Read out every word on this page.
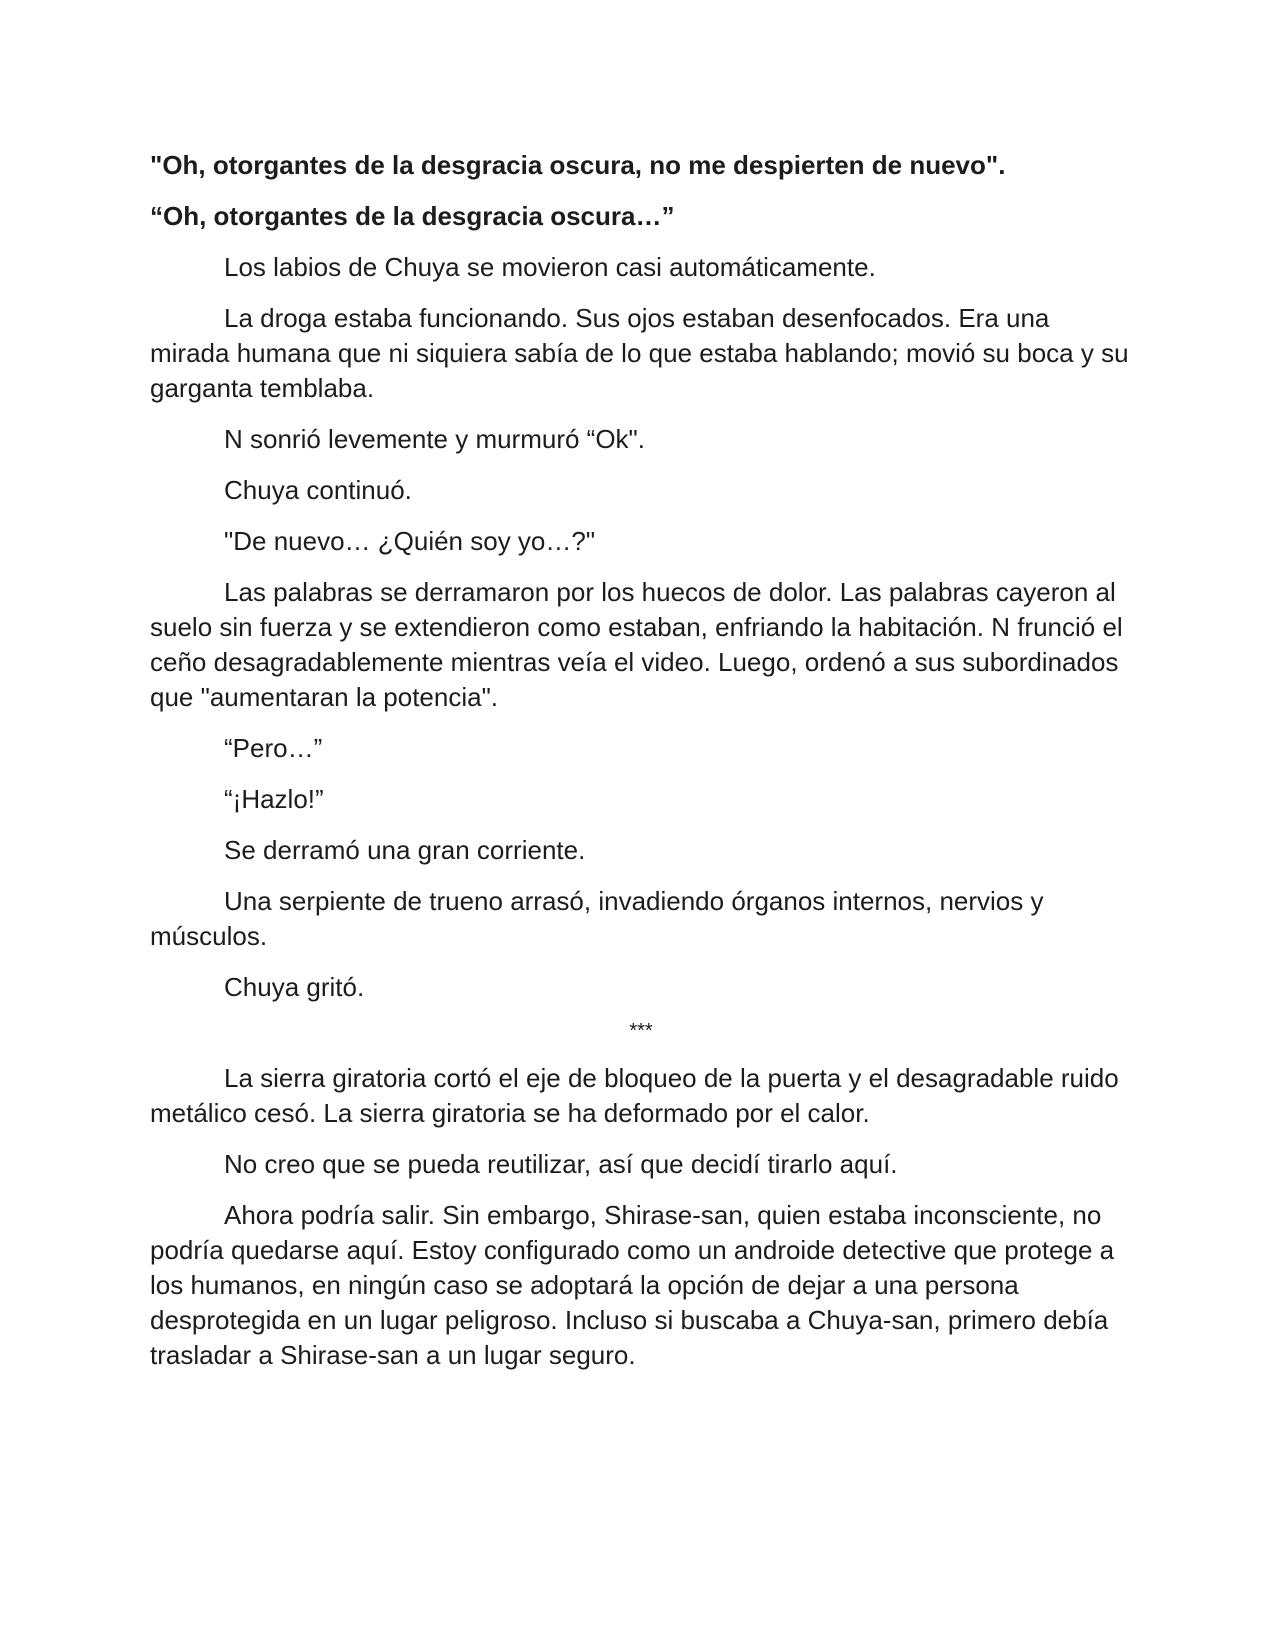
"Oh, otorgantes de la desgracia oscura, no me despierten de nuevo".

“Oh, otorgantes de la desgracia oscura…”

Los labios de Chuya se movieron casi automáticamente.

La droga estaba funcionando. Sus ojos estaban desenfocados. Era una mirada humana que ni siquiera sabía de lo que estaba hablando; movió su boca y su garganta temblaba.

N sonrió levemente y murmuró “Ok".

Chuya continuó.

"De nuevo… ¿Quién soy yo…?"

Las palabras se derramaron por los huecos de dolor. Las palabras cayeron al suelo sin fuerza y se extendieron como estaban, enfriando la habitación. N frunció el ceño desagradablemente mientras veía el video. Luego, ordenó a sus subordinados que "aumentaran la potencia".

“Pero…”

“¡Hazlo!”

Se derramó una gran corriente.

Una serpiente de trueno arrasó, invadiendo órganos internos, nervios y músculos.

Chuya gritó.

***

La sierra giratoria cortó el eje de bloqueo de la puerta y el desagradable ruido metálico cesó. La sierra giratoria se ha deformado por el calor.

No creo que se pueda reutilizar, así que decidí tirarlo aquí.

Ahora podría salir. Sin embargo, Shirase-san, quien estaba inconsciente, no podría quedarse aquí. Estoy configurado como un androide detective que protege a los humanos, en ningún caso se adoptará la opción de dejar a una persona desprotegida en un lugar peligroso. Incluso si buscaba a Chuya-san, primero debía trasladar a Shirase-san a un lugar seguro.
